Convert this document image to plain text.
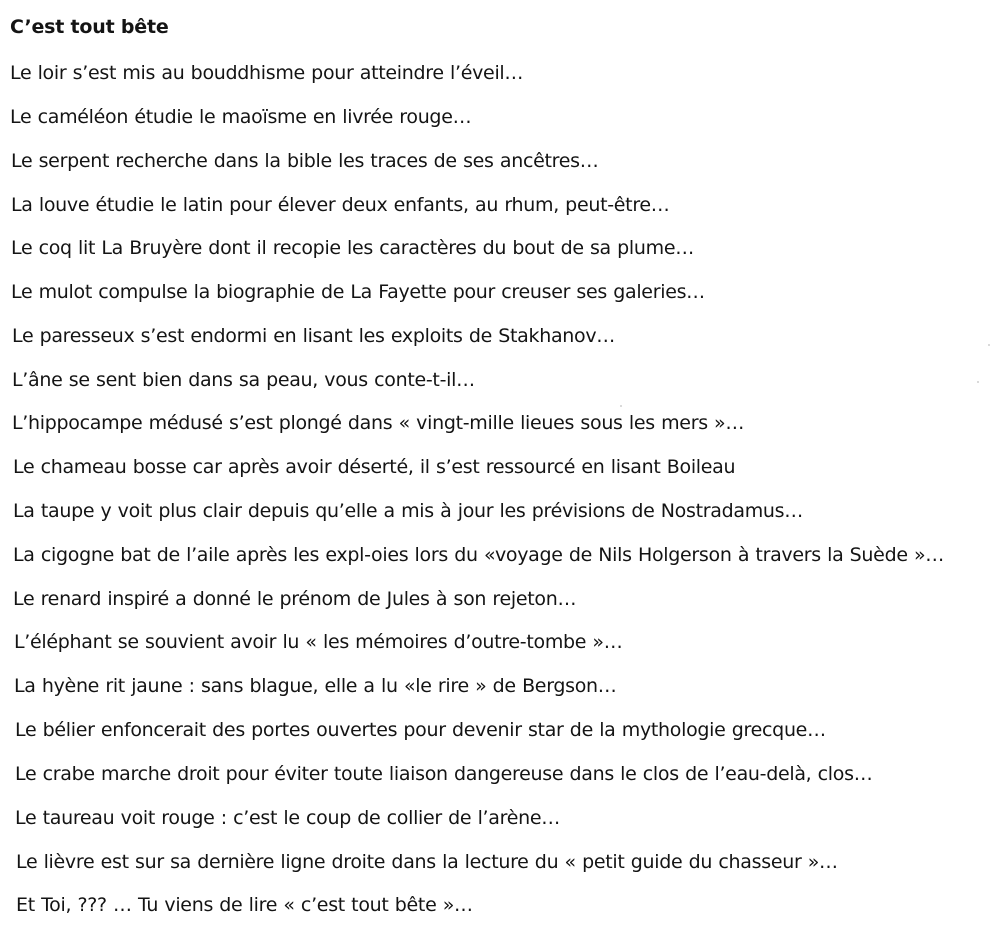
C’est tout bête
Le loir s’est mis au bouddhisme pour atteindre l’éveil…
Le caméléon étudie le maoïsme en livrée rouge…
Le serpent recherche dans la bible les traces de ses ancêtres…
La louve étudie le latin pour élever deux enfants, au rhum, peut-être…
Le coq lit La Bruyère dont il recopie les caractères du bout de sa plume…
Le mulot compulse la biographie de La Fayette pour creuser ses galeries…
Le paresseux s’est endormi en lisant les exploits de Stakhanov…
L’âne se sent bien dans sa peau, vous conte-t-il…
L’hippocampe médusé s’est plongé dans « vingt-mille lieues sous les mers »…
Le chameau bosse car après avoir déserté, il s’est ressourcé en lisant Boileau
La taupe y voit plus clair depuis qu’elle a mis à jour les prévisions de Nostradamus…
La cigogne bat de l’aile après les expl-oies lors du «voyage de Nils Holgerson à travers la Suède »…
Le renard inspiré a donné le prénom de Jules à son rejeton…
L’éléphant se souvient avoir lu « les mémoires d’outre-tombe »…
La hyène rit jaune : sans blague, elle a lu «le rire » de Bergson…
Le bélier enfoncerait des portes ouvertes pour devenir star de la mythologie grecque…
Le crabe marche droit pour éviter toute liaison dangereuse dans le clos de l’eau-delà, clos…
Le taureau voit rouge : c’est le coup de collier de l’arène…
Le lièvre est sur sa dernière ligne droite dans la lecture du « petit guide du chasseur »…
Et Toi, ??? … Tu viens de lire « c’est tout bête »…
